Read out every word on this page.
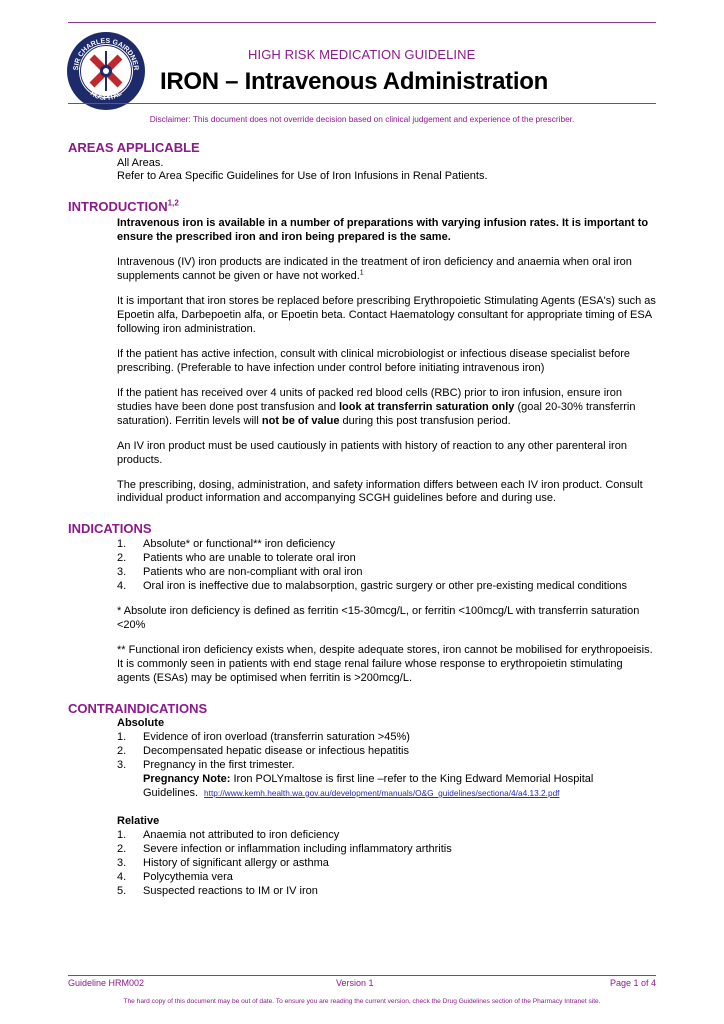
SIR CHARLES GAIRDNER
HOSPITAL
HIGH RISK MEDICATION GUIDELINE
IRON – Intravenous Administration
Disclaimer: This document does not override decision based on clinical judgement and experience of the prescriber.
AREAS APPLICABLE
All Areas.
Refer to Area Specific Guidelines for Use of Iron Infusions in Renal Patients.
INTRODUCTION$^{1,2}$

Intravenous iron is available in a number of preparations with varying infusion rates. It is important to ensure the prescribed iron and iron being prepared is the same.

Intravenous (IV) iron products are indicated in the treatment of iron deficiency and anaemia when oral iron supplements cannot be given or have not worked.$^1$

It is important that iron stores be replaced before prescribing Erythropoietic Stimulating Agents (ESA's) such as Epoetin alfa, Darbepoetin alfa, or Epoetin beta. Contact Haematology consultant for appropriate timing of ESA following iron administration.

If the patient has active infection, consult with clinical microbiologist or infectious disease specialist before prescribing. (Preferable to have infection under control before initiating intravenous iron)

If the patient has received over 4 units of packed red blood cells (RBC) prior to iron infusion, ensure iron studies have been done post transfusion and look at transferrin saturation only (goal 20-30% transferrin saturation). Ferritin levels will not be of value during this post transfusion period.

An IV iron product must be used cautiously in patients with history of reaction to any other parenteral iron products.

The prescribing, dosing, administration, and safety information differs between each IV iron product. Consult individual product information and accompanying SCGH guidelines before and during use.

INDICATIONS
1.	Absolute* or functional** iron deficiency
2.	Patients who are unable to tolerate oral iron
3.	Patients who are non-compliant with oral iron
4.	Oral iron is ineffective due to malabsorption, gastric surgery or other pre-existing medical conditions

* Absolute iron deficiency is defined as ferritin <15-30mcg/L, or ferritin <100mcg/L with transferrin saturation <20%

** Functional iron deficiency exists when, despite adequate stores, iron cannot be mobilised for erythropoeisis. It is commonly seen in patients with end stage renal failure whose response to erythropoietin stimulating agents (ESAs) may be optimised when ferritin is >200mcg/L.

CONTRAINDICATIONS
Absolute
1.	Evidence of iron overload (transferrin saturation >45%)
2.	Decompensated hepatic disease or infectious hepatitis
3.	Pregnancy in the first trimester.
Pregnancy Note: Iron POLYmaltose is first line –refer to the King Edward Memorial Hospital Guidelines. http://www.kemh.health.wa.gov.au/development/manuals/O&G_guidelines/sectiona/4/a4.13.2.pdf
Relative
1.	Anaemia not attributed to iron deficiency
2.	Severe infection or inflammation including inflammatory arthritis
3.	History of significant allergy or asthma
4.	Polycythemia vera
5.	Suspected reactions to IM or IV iron
Guideline HRM002	Version 1	Page 1 of 4
The hard copy of this document may be out of date. To ensure you are reading the current version, check the Drug Guidelines section of the Pharmacy Intranet site.
